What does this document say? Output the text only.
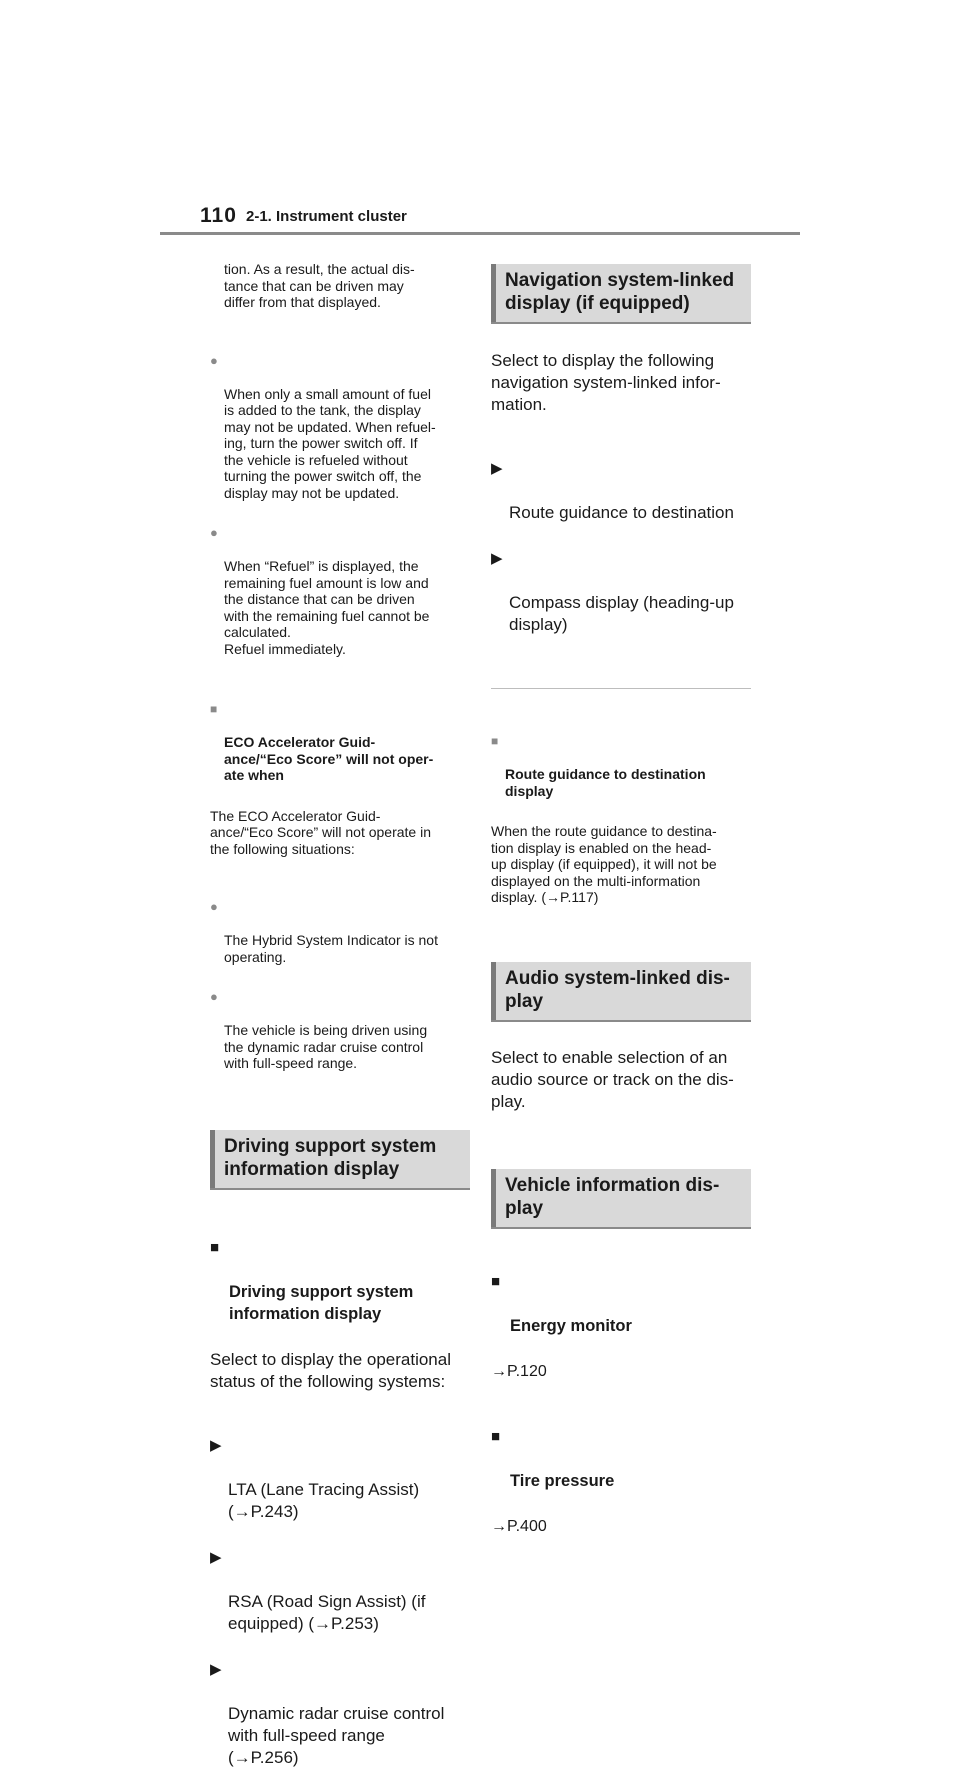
110 2-1. Instrument cluster

tion. As a result, the actual dis-
tance that can be driven may
differ from that displayed.

●

When only a small amount of fuel
is added to the tank, the display
may not be updated. When refuel-
ing, turn the power switch off. If
the vehicle is refueled without
turning the power switch off, the
display may not be updated.

●

When “Refuel” is displayed, the
remaining fuel amount is low and
the distance that can be driven
with the remaining fuel cannot be
calculated.
Refuel immediately.

■

ECO Accelerator Guid-
ance/“Eco Score” will not oper-
ate when

The ECO Accelerator Guid-
ance/“Eco Score” will not operate in
the following situations:

●

The Hybrid System Indicator is not
operating.

●

The vehicle is being driven using
the dynamic radar cruise control
with full-speed range.

Driving support system
information display

■

Driving support system
information display

Select to display the operational
status of the following systems:

▶

LTA (Lane Tracing Assist)
(→P.243)

▶

RSA (Road Sign Assist) (if
equipped) (→P.253)

▶

Dynamic radar cruise control
with full-speed range
(→P.256)

Navigation system-linked
display (if equipped)

Select to display the following
navigation system-linked infor-
mation.

▶

Route guidance to destination

▶

Compass display (heading-up
display)

■

Route guidance to destination
display

When the route guidance to destina-
tion display is enabled on the head-
up display (if equipped), it will not be
displayed on the multi-information
display. (→P.117)

Audio system-linked dis-
play

Select to enable selection of an
audio source or track on the dis-
play.

Vehicle information dis-
play

■

Energy monitor

→P.120

■

Tire pressure

→P.400
